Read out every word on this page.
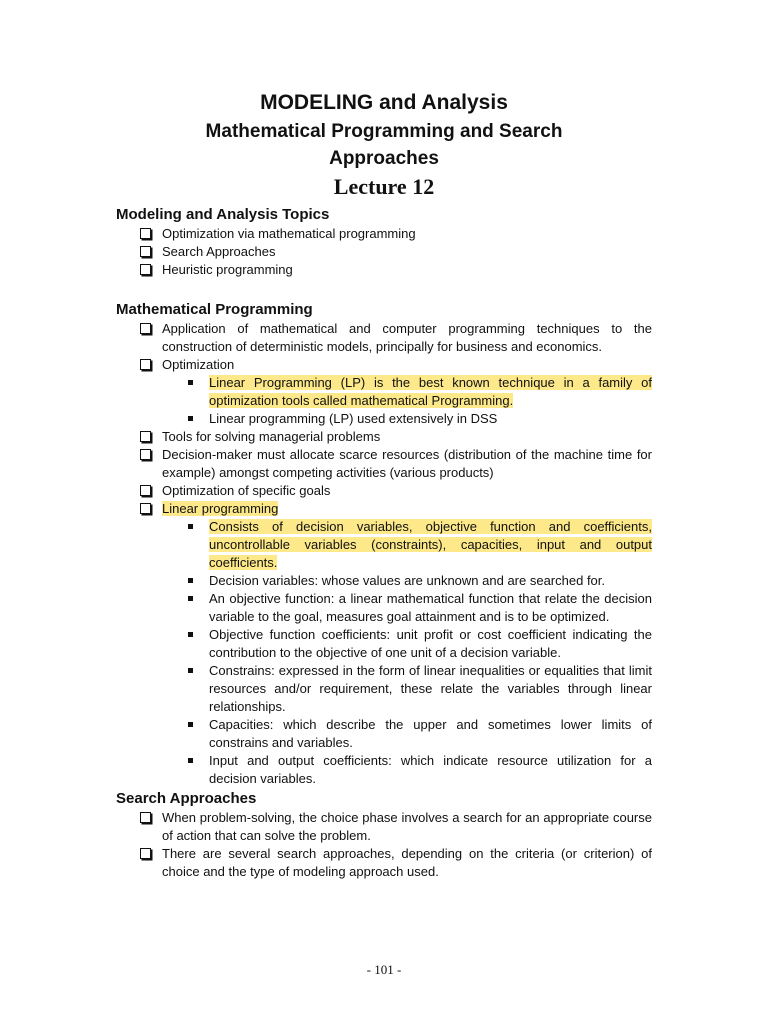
MODELING and Analysis
Mathematical Programming and Search Approaches
Lecture 12
Modeling and Analysis Topics
Optimization via mathematical programming
Search Approaches
Heuristic programming
Mathematical Programming
Application of mathematical and computer programming techniques to the construction of deterministic models, principally for business and economics.
Optimization
Linear Programming (LP) is the best known technique in a family of optimization tools called mathematical Programming.
Linear programming (LP) used extensively in DSS
Tools for solving managerial problems
Decision-maker must allocate scarce resources (distribution of the machine time for example) amongst competing activities (various products)
Optimization of specific goals
Linear programming
Consists of decision variables, objective function and coefficients, uncontrollable variables (constraints), capacities, input and output coefficients.
Decision variables: whose values are unknown and are searched for.
An objective function: a linear mathematical function that relate the decision variable to the goal, measures goal attainment and is to be optimized.
Objective function coefficients: unit profit or cost coefficient indicating the contribution to the objective of one unit of a decision variable.
Constrains: expressed in the form of linear inequalities or equalities that limit resources and/or requirement, these relate the variables through linear relationships.
Capacities: which describe the upper and sometimes lower limits of constrains and variables.
Input and output coefficients: which indicate resource utilization for a decision variables.
Search Approaches
When problem-solving, the choice phase involves a search for an appropriate course of action that can solve the problem.
There are several search approaches, depending on the criteria (or criterion) of choice and the type of modeling approach used.
- 101 -
